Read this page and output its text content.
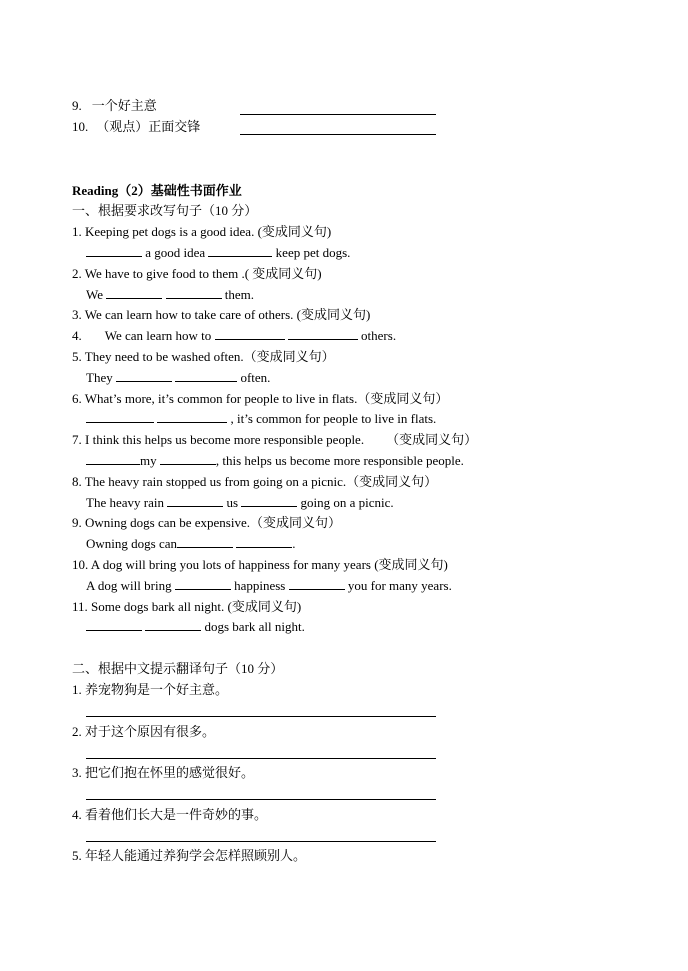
9. 一个好主意
10. （观点）正面交锋
Reading（2）基础性书面作业
一、根据要求改写句子（10 分）
1. Keeping pet dogs is a good idea. (变成同义句)
a good idea	keep pet dogs.
2. We have to give food to them .( 变成同义句)
We	them.
3. We can learn how to take care of others. (变成同义句)
4. We can learn how to	others.
5. They need to be washed often.（变成同义句）
They	often.
6. What’s more, it’s common for people to live in flats.（变成同义句）
, it’s common for people to live in flats.
7. I think this helps us become more responsible people. （变成同义句）
my	, this helps us become more responsible people.
8. The heavy rain stopped us from going on a picnic.（变成同义句）
The heavy rain	us	going on a picnic.
9. Owning dogs can be expensive.（变成同义句）
Owning dogs can	.
10. A dog will bring you lots of happiness for many years (变成同义句)
A dog will bring	happiness	you for many years.
11. Some dogs bark all night. (变成同义句)
dogs bark all night.
二、根据中文提示翻译句子（10 分）
1. 养宠物狗是一个好主意。
2. 对于这个原因有很多。
3. 把它们抱在怀里的感觉很好。
4. 看着他们长大是一件奇妙的事。
5. 年轻人能通过养狗学会怎样照顾别人。
